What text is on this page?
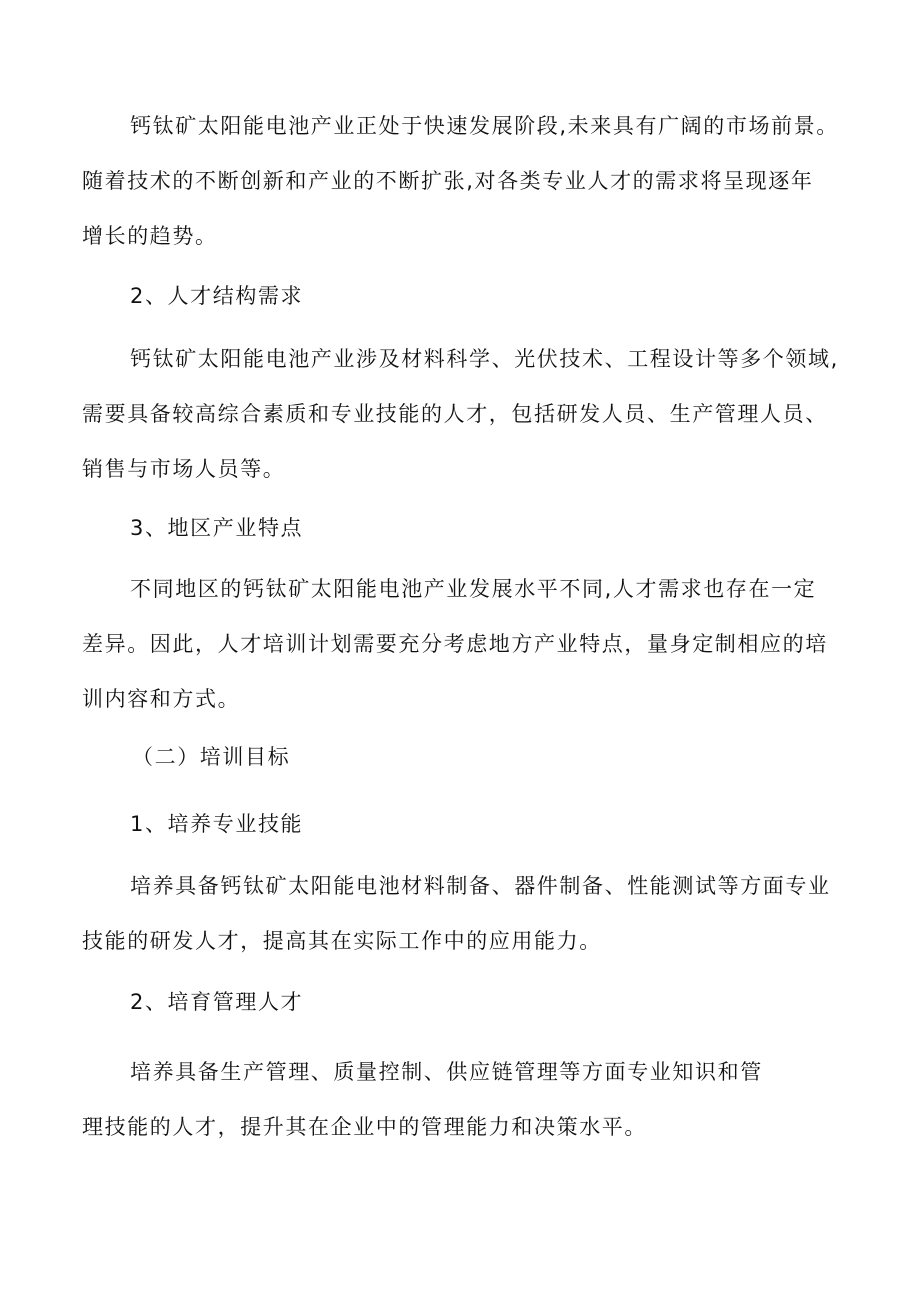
钙钛矿太阳能电池产业正处于快速发展阶段,未来具有广阔的市场前景。
随着技术的不断创新和产业的不断扩张,对各类专业人才的需求将呈现逐年
增长的趋势。
2、人才结构需求
钙钛矿太阳能电池产业涉及材料科学、光伏技术、工程设计等多个领域,
需要具备较高综合素质和专业技能的人才，包括研发人员、生产管理人员、
销售与市场人员等。
3、地区产业特点
不同地区的钙钛矿太阳能电池产业发展水平不同,人才需求也存在一定
差异。因此，人才培训计划需要充分考虑地方产业特点，量身定制相应的培
训内容和方式。
（二）培训目标
1、培养专业技能
培养具备钙钛矿太阳能电池材料制备、器件制备、性能测试等方面专业
技能的研发人才，提高其在实际工作中的应用能力。
2、培育管理人才
培养具备生产管理、质量控制、供应链管理等方面专业知识和管
理技能的人才，提升其在企业中的管理能力和决策水平。
